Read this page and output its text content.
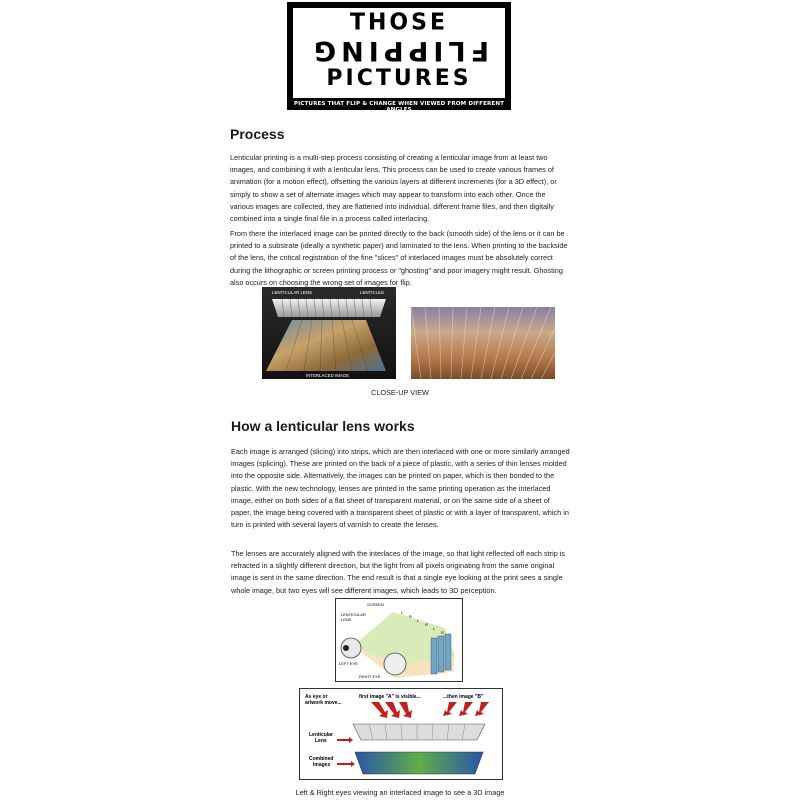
THOSE
FLIPPING
PICTURES
PICTURES THAT FLIP & CHANGE WHEN VIEWED FROM DIFFERENT ANGLES
Process

Lenticular printing is a multi-step process consisting of creating a lenticular image from at least two images, and combining it with a lenticular lens. This process can be used to create various frames of animation (for a motion effect), offsetting the various layers at different increments (for a 3D effect), or simply to show a set of alternate images which may appear to transform into each other. Once the various images are collected, they are flattened into individual, different frame files, and then digitally combined into a single final file in a process called interlacing.

From there the interlaced image can be printed directly to the back (smooth side) of the lens or it can be printed to a substrate (ideally a synthetic paper) and laminated to the lens. When printing to the backside of the lens, the critical registration of the fine "slices" of interlaced images must be absolutely correct during the lithographic or screen printing process or "ghosting" and poor imagery might result. Ghosting also occurs on choosing the wrong set of images for flip.

LENTICULAR LENS	LENTICULE
INTERLACED IMAGE

CLOSE-UP VIEW

How a lenticular lens works

Each image is arranged (slicing) into strips, which are then interlaced with one or more similarly arranged images (splicing). These are printed on the back of a piece of plastic, with a series of thin lenses molded into the opposite side. Alternatively, the images can be printed on paper, which is then bonded to the plastic. With the new technology, lenses are printed in the same printing operation as the interlaced image, either on both sides of a flat sheet of transparent material, or on the same side of a sheet of paper, the image being covered with a transparent sheet of plastic or with a layer of transparent, which in turn is printed with several layers of varnish to create the lenses.

The lenses are accurately aligned with the interlaces of the image, so that light reflected off each strip is refracted in a slightly different direction, but the light from all pixels originating from the same original image is sent in the same direction. The end result is that a single eye looking at the print sees a single whole image, but two eyes will see different images, which leads to 3D perception.

SCREEN
LENTICULAR
LENS
LEFT EYE
RIGHT EYE
L
R
L
R
L
R
As eye or
artwork move...
first image "A" is visible...	...then image "B"
Lenticular
Lens
Combined
Images

Left & Right eyes viewing an interlaced image to see a 3D image
